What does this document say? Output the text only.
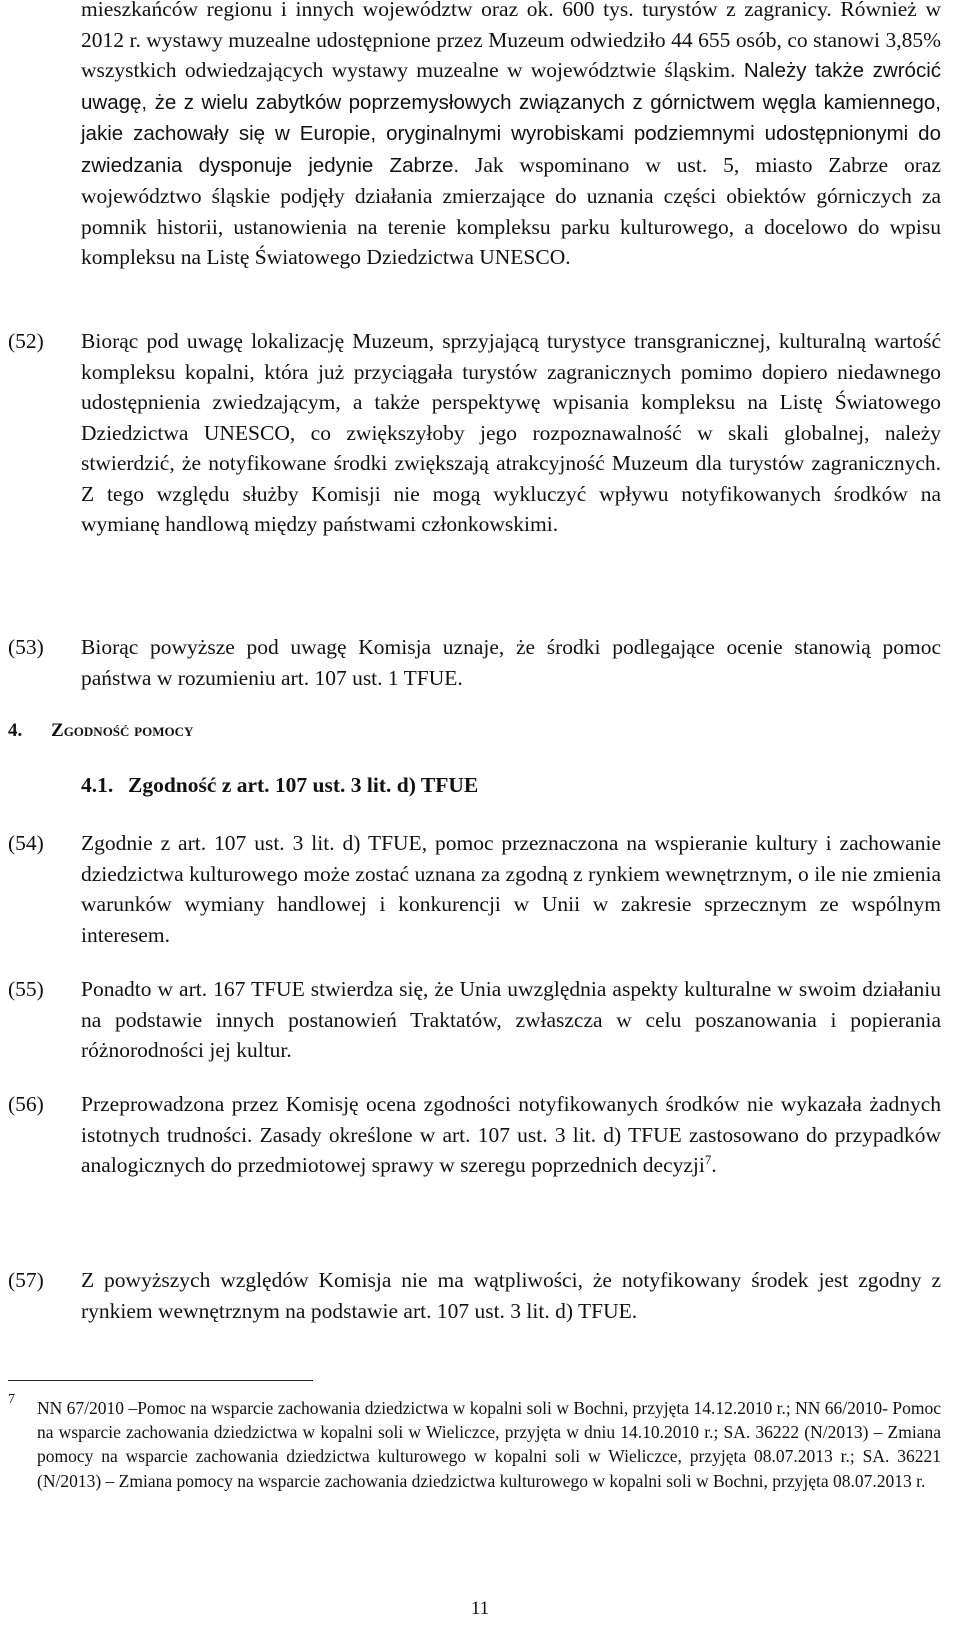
mieszkańców regionu i innych województw oraz ok. 600 tys. turystów z zagranicy. Również w 2012 r. wystawy muzealne udostępnione przez Muzeum odwiedziło 44 655 osób, co stanowi 3,85% wszystkich odwiedzających wystawy muzealne w województwie śląskim. Należy także zwrócić uwagę, że z wielu zabytków poprzemysłowych związanych z górnictwem węgla kamiennego, jakie zachowały się w Europie, oryginalnymi wyrobiskami podziemnymi udostępnionymi do zwiedzania dysponuje jedynie Zabrze. Jak wspominano w ust. 5, miasto Zabrze oraz województwo śląskie podjęły działania zmierzające do uznania części obiektów górniczych za pomnik historii, ustanowienia na terenie kompleksu parku kulturowego, a docelowo do wpisu kompleksu na Listę Światowego Dziedzictwa UNESCO.
(52)	Biorąc pod uwagę lokalizację Muzeum, sprzyjającą turystyce transgranicznej, kulturalną wartość kompleksu kopalni, która już przyciągała turystów zagranicznych pomimo dopiero niedawnego udostępnienia zwiedzającym, a także perspektywę wpisania kompleksu na Listę Światowego Dziedzictwa UNESCO, co zwiększyłoby jego rozpoznawalność w skali globalnej, należy stwierdzić, że notyfikowane środki zwiększają atrakcyjność Muzeum dla turystów zagranicznych. Z tego względu służby Komisji nie mogą wykluczyć wpływu notyfikowanych środków na wymianę handlową między państwami członkowskimi.
(53)	Biorąc powyższe pod uwagę Komisja uznaje, że środki podlegające ocenie stanowią pomoc państwa w rozumieniu art. 107 ust. 1 TFUE.
4. Zgodność pomocy
4.1. Zgodność z art. 107 ust. 3 lit. d) TFUE
(54)	Zgodnie z art. 107 ust. 3 lit. d) TFUE, pomoc przeznaczona na wspieranie kultury i zachowanie dziedzictwa kulturowego może zostać uznana za zgodną z rynkiem wewnętrznym, o ile nie zmienia warunków wymiany handlowej i konkurencji w Unii w zakresie sprzecznym ze wspólnym interesem.
(55)	Ponadto w art. 167 TFUE stwierdza się, że Unia uwzględnia aspekty kulturalne w swoim działaniu na podstawie innych postanowień Traktatów, zwłaszcza w celu poszanowania i popierania różnorodności jej kultur.
(56)	Przeprowadzona przez Komisję ocena zgodności notyfikowanych środków nie wykazała żadnych istotnych trudności. Zasady określone w art. 107 ust. 3 lit. d) TFUE zastosowano do przypadków analogicznych do przedmiotowej sprawy w szeregu poprzednich decyzji$^7$.
(57)	Z powyższych względów Komisja nie ma wątpliwości, że notyfikowany środek jest zgodny z rynkiem wewnętrznym na podstawie art. 107 ust. 3 lit. d) TFUE.
7 NN 67/2010 –Pomoc na wsparcie zachowania dziedzictwa w kopalni soli w Bochni, przyjęta 14.12.2010 r.; NN 66/2010- Pomoc na wsparcie zachowania dziedzictwa w kopalni soli w Wieliczce, przyjęta w dniu 14.10.2010 r.; SA. 36222 (N/2013) – Zmiana pomocy na wsparcie zachowania dziedzictwa kulturowego w kopalni soli w Wieliczce, przyjęta 08.07.2013 r.; SA. 36221 (N/2013) – Zmiana pomocy na wsparcie zachowania dziedzictwa kulturowego w kopalni soli w Bochni, przyjęta 08.07.2013 r.
11
